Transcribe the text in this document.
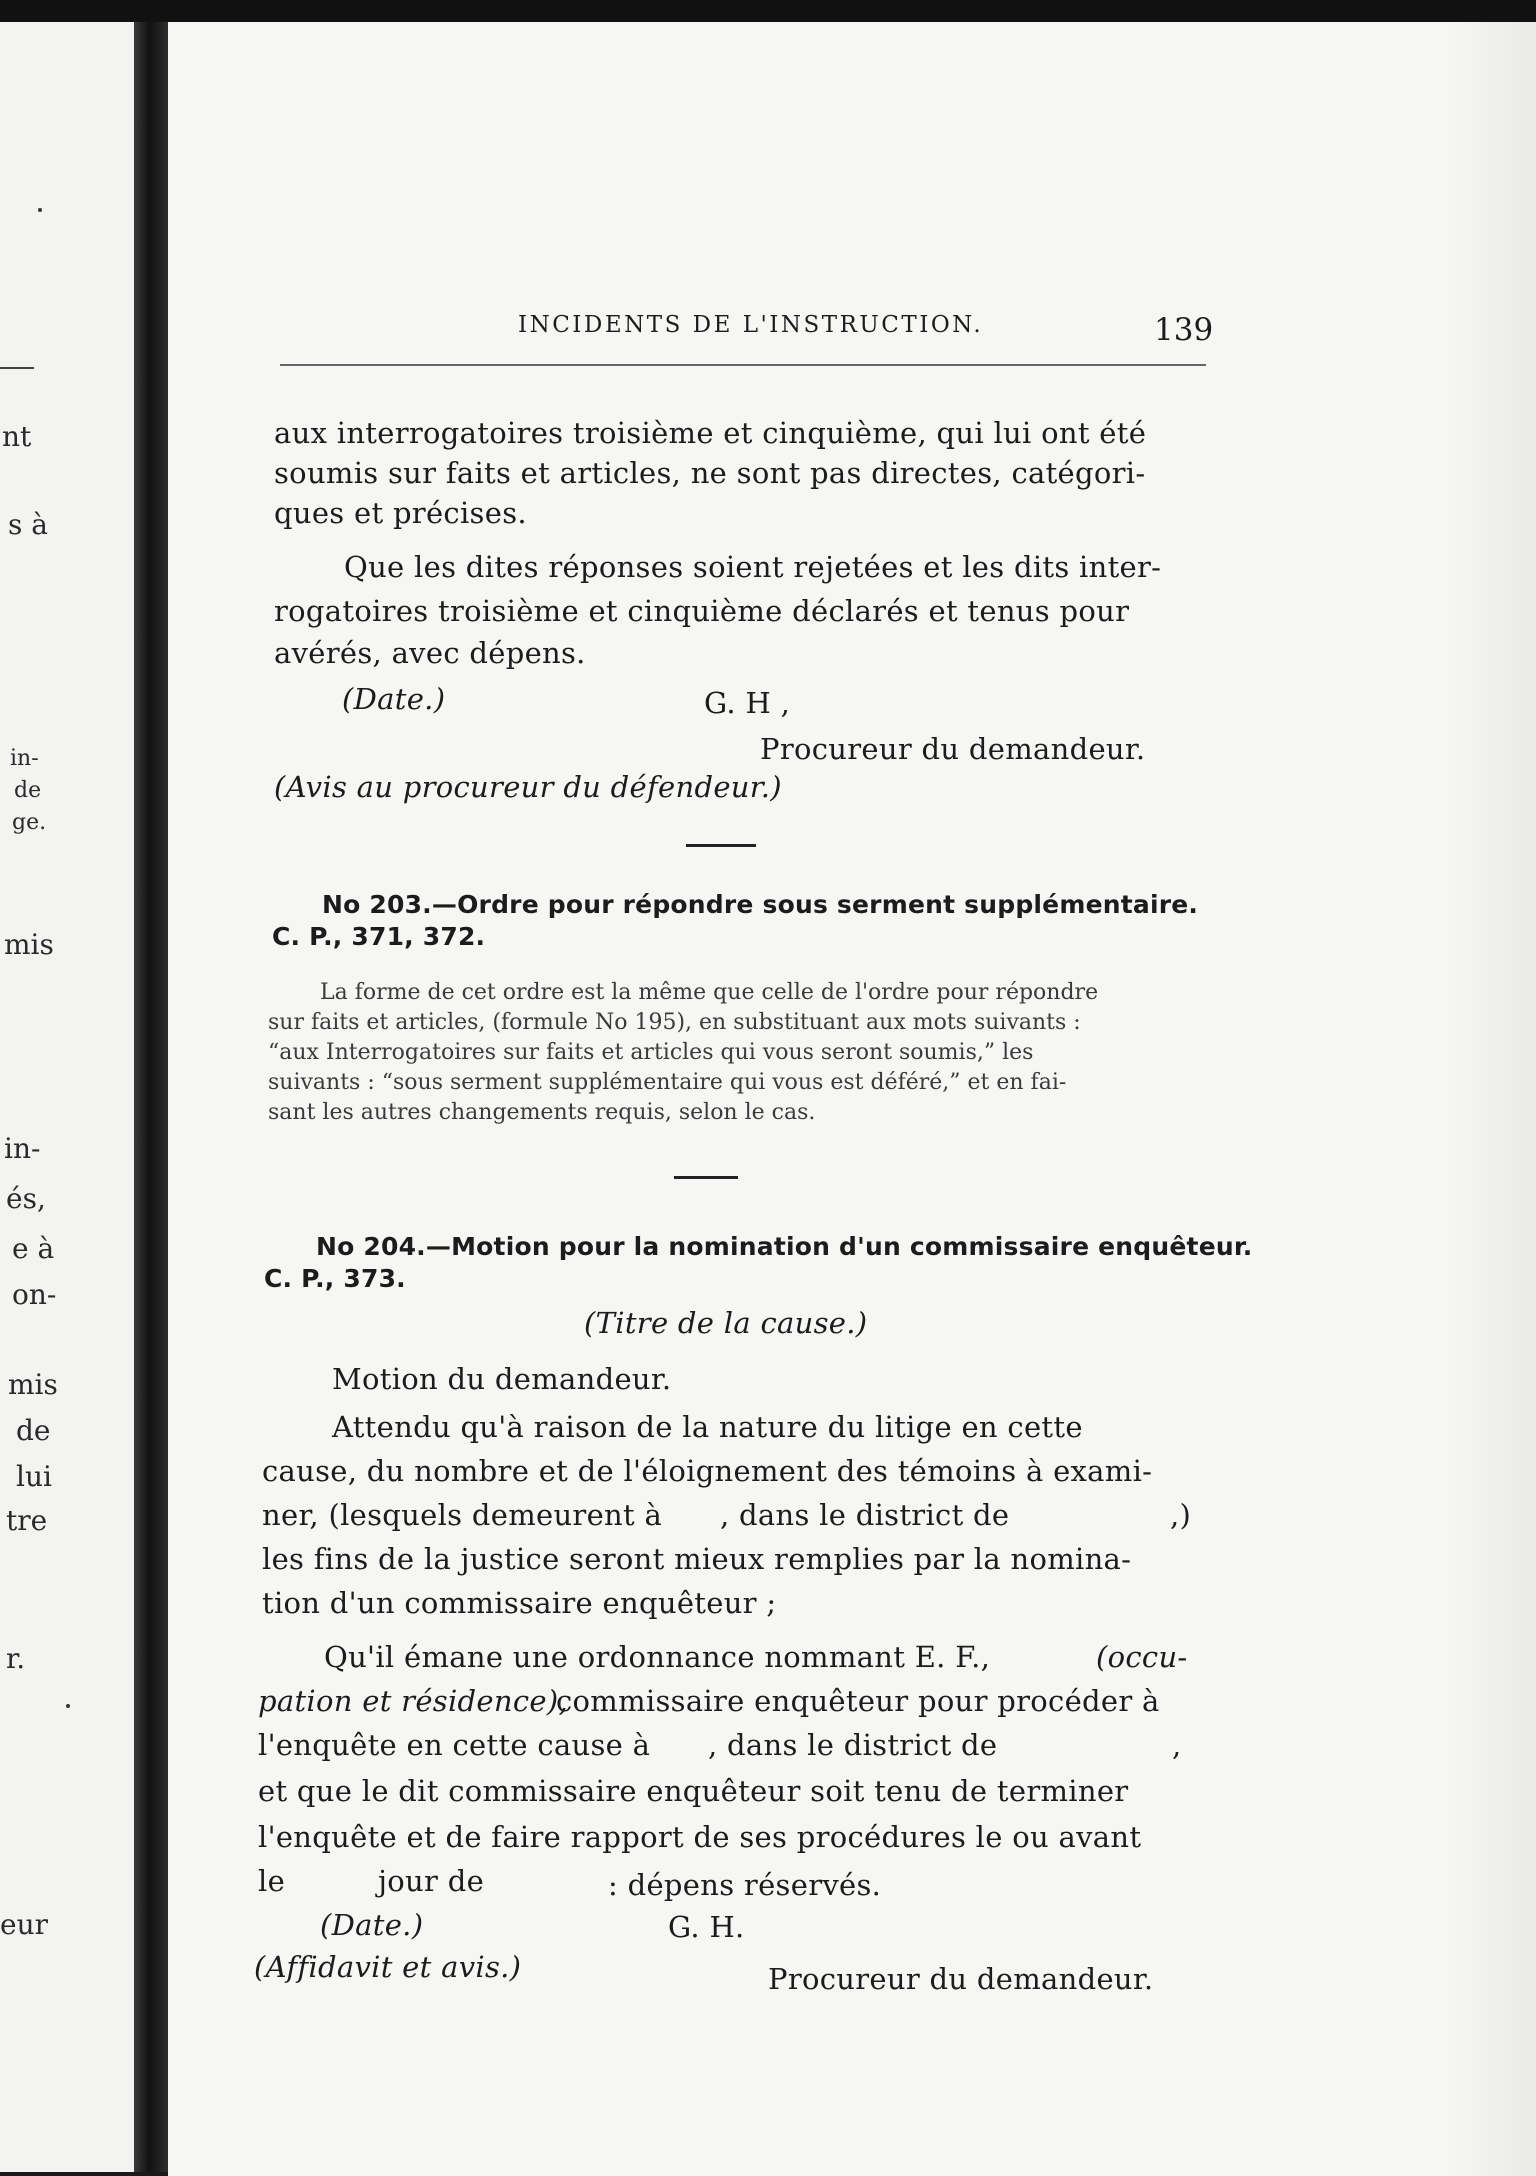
nt
s à
in-
de
ge.
mis
in-
és,
e à
on-
mis
de
lui
tre
r.
eur
INCIDENTS DE L'INSTRUCTION.	139
aux interrogatoires troisième et cinquième, qui lui ont été
soumis sur faits et articles, ne sont pas directes, catégori-
ques et précises.
Que les dites réponses soient rejetées et les dits inter-
rogatoires troisième et cinquième déclarés et tenus pour
avérés, avec dépens.
(Date.)	G. H ,
Procureur du demandeur.
(Avis au procureur du défendeur.)
No 203.—Ordre pour répondre sous serment supplémentaire.
C. P., 371, 372.
La forme de cet ordre est la même que celle de l'ordre pour répondre
sur faits et articles, (formule No 195), en substituant aux mots suivants :
“aux Interrogatoires sur faits et articles qui vous seront soumis,” les
suivants : “sous serment supplémentaire qui vous est déféré,” et en fai-
sant les autres changements requis, selon le cas.
No 204.—Motion pour la nomination d'un commissaire enquêteur.
C. P., 373.
(Titre de la cause.)
Motion du demandeur.
Attendu qu'à raison de la nature du litige en cette
cause, du nombre et de l'éloignement des témoins à exami-
ner, (lesquels demeurent à , dans le district de	,)
les fins de la justice seront mieux remplies par la nomina-
tion d'un commissaire enquêteur ;
Qu'il émane une ordonnance nommant E. F.,	(occu-
pation et résidence),
commissaire enquêteur pour procéder à
l'enquête en cette cause à , dans le district de	,
et que le dit commissaire enquêteur soit tenu de terminer
l'enquête et de faire rapport de ses procédures le ou avant
le	jour de	: dépens réservés.
(Date.)	G. H.
(Affidavit et avis.)	Procureur du demandeur.
